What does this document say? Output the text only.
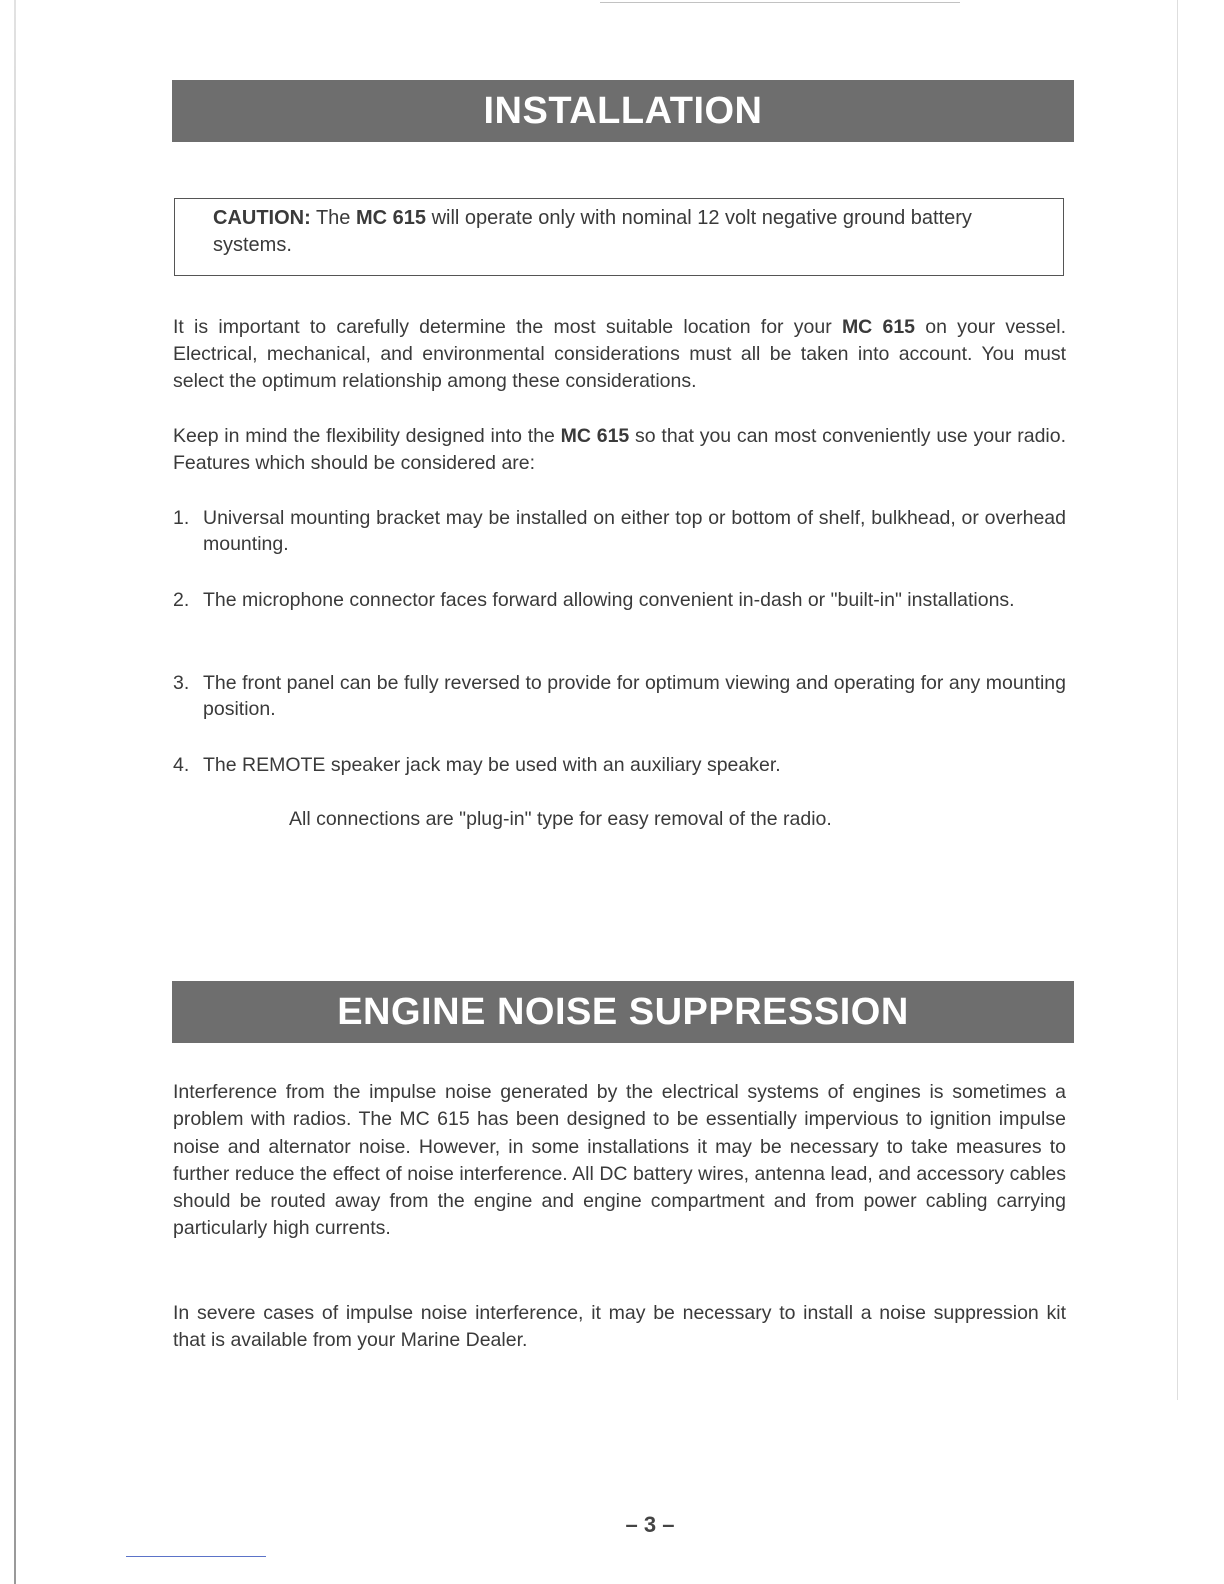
INSTALLATION
CAUTION: The MC 615 will operate only with nominal 12 volt negative ground battery systems.

It is important to carefully determine the most suitable location for your MC 615 on your vessel. Electrical, mechanical, and environmental considerations must all be taken into account. You must select the optimum relationship among these considerations.

Keep in mind the flexibility designed into the MC 615 so that you can most conveniently use your radio. Features which should be considered are:

1. Universal mounting bracket may be installed on either top or bottom of shelf, bulkhead, or overhead mounting.
2. The microphone connector faces forward allowing convenient in-dash or "built-in" installations.
3. The front panel can be fully reversed to provide for optimum viewing and operating for any mounting position.
4. The REMOTE speaker jack may be used with an auxiliary speaker.
All connections are "plug-in" type for easy removal of the radio.
ENGINE NOISE SUPPRESSION

Interference from the impulse noise generated by the electrical systems of engines is sometimes a problem with radios. The MC 615 has been designed to be essentially impervious to ignition impulse noise and alternator noise. However, in some installations it may be necessary to take measures to further reduce the effect of noise interference. All DC battery wires, antenna lead, and accessory cables should be routed away from the engine and engine compartment and from power cabling carrying particularly high currents.

In severe cases of impulse noise interference, it may be necessary to install a noise suppression kit that is available from your Marine Dealer.

– 3 –
